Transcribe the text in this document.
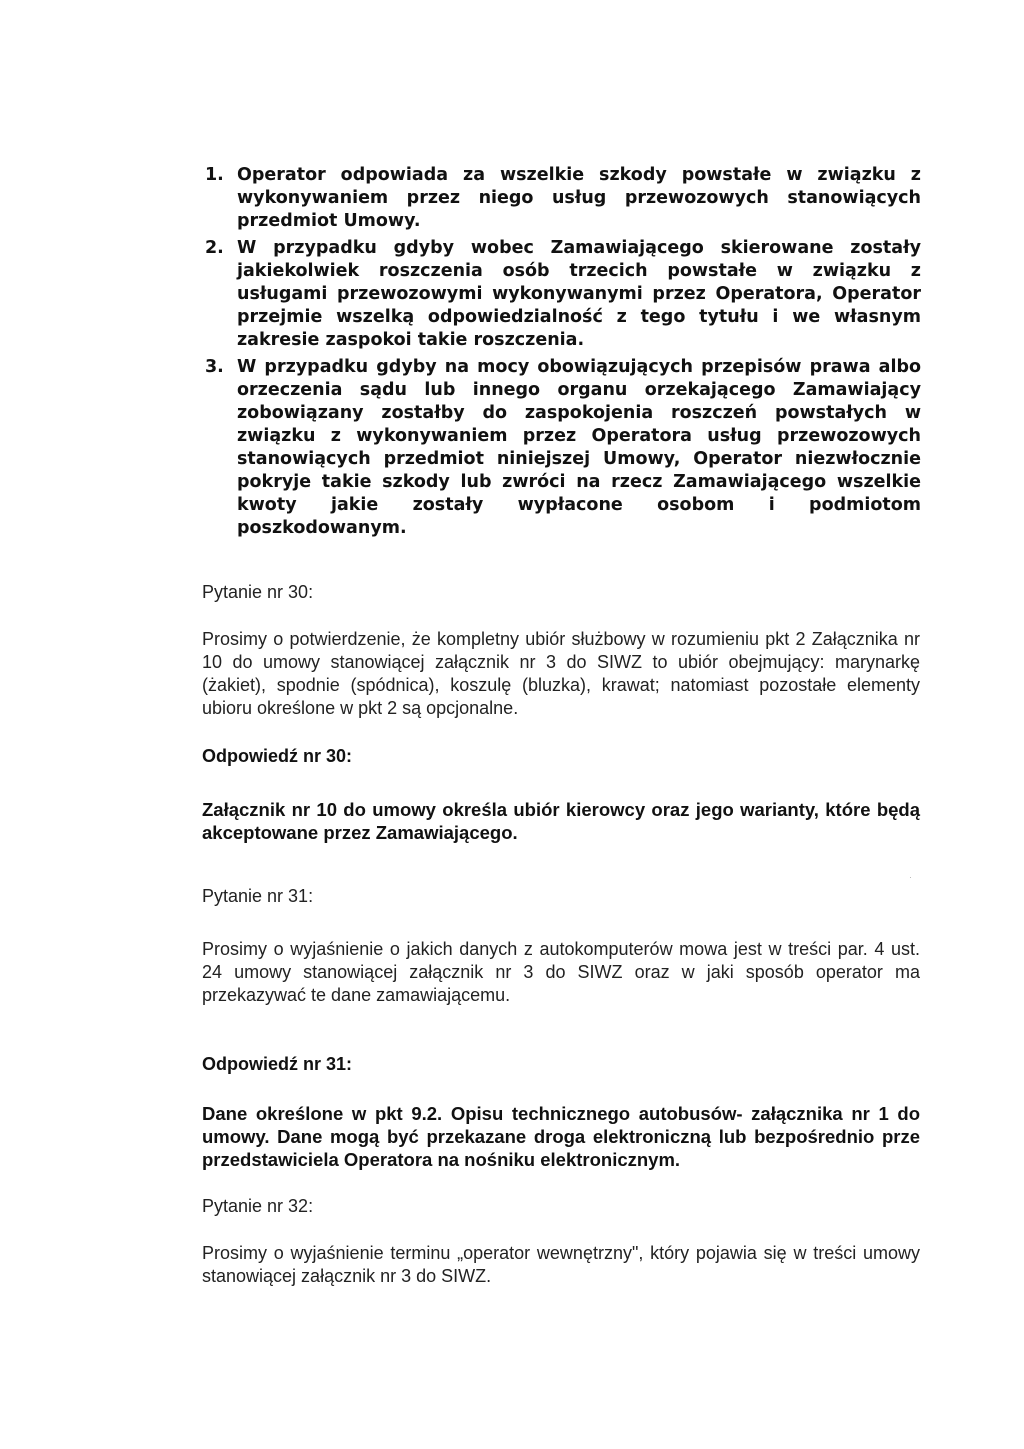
1. Operator odpowiada za wszelkie szkody powstałe w związku z wykonywaniem przez niego usług przewozowych stanowiących przedmiot Umowy.
2. W przypadku gdyby wobec Zamawiającego skierowane zostały jakiekolwiek roszczenia osób trzecich powstałe w związku z usługami przewozowymi wykonywanymi przez Operatora, Operator przejmie wszelką odpowiedzialność z tego tytułu i we własnym zakresie zaspokoi takie roszczenia.
3. W przypadku gdyby na mocy obowiązujących przepisów prawa albo orzeczenia sądu lub innego organu orzekającego Zamawiający zobowiązany zostałby do zaspokojenia roszczeń powstałych w związku z wykonywaniem przez Operatora usług przewozowych stanowiących przedmiot niniejszej Umowy, Operator niezwłocznie pokryje takie szkody lub zwróci na rzecz Zamawiającego wszelkie kwoty jakie zostały wypłacone osobom i podmiotom poszkodowanym.
Pytanie nr 30:
Prosimy o potwierdzenie, że kompletny ubiór służbowy w rozumieniu pkt 2 Załącznika nr 10 do umowy stanowiącej załącznik nr 3 do SIWZ to ubiór obejmujący: marynarkę (żakiet), spodnie (spódnica), koszulę (bluzka), krawat; natomiast pozostałe elementy ubioru określone w pkt 2 są opcjonalne.
Odpowiedź nr 30:
Załącznik nr 10 do umowy określa ubiór kierowcy oraz jego warianty, które będą akceptowane przez Zamawiającego.
Pytanie nr 31:
Prosimy o wyjaśnienie o jakich danych z autokomputerów mowa jest w treści par. 4 ust. 24 umowy stanowiącej załącznik nr 3 do SIWZ oraz w jaki sposób operator ma przekazywać te dane zamawiającemu.
Odpowiedź nr 31:
Dane określone w pkt 9.2. Opisu technicznego autobusów- załącznika nr 1 do umowy. Dane mogą być przekazane droga elektroniczną lub bezpośrednio prze przedstawiciela Operatora na nośniku elektronicznym.
Pytanie nr 32:
Prosimy o wyjaśnienie terminu „operator wewnętrzny", który pojawia się w treści umowy stanowiącej załącznik nr 3 do SIWZ.
